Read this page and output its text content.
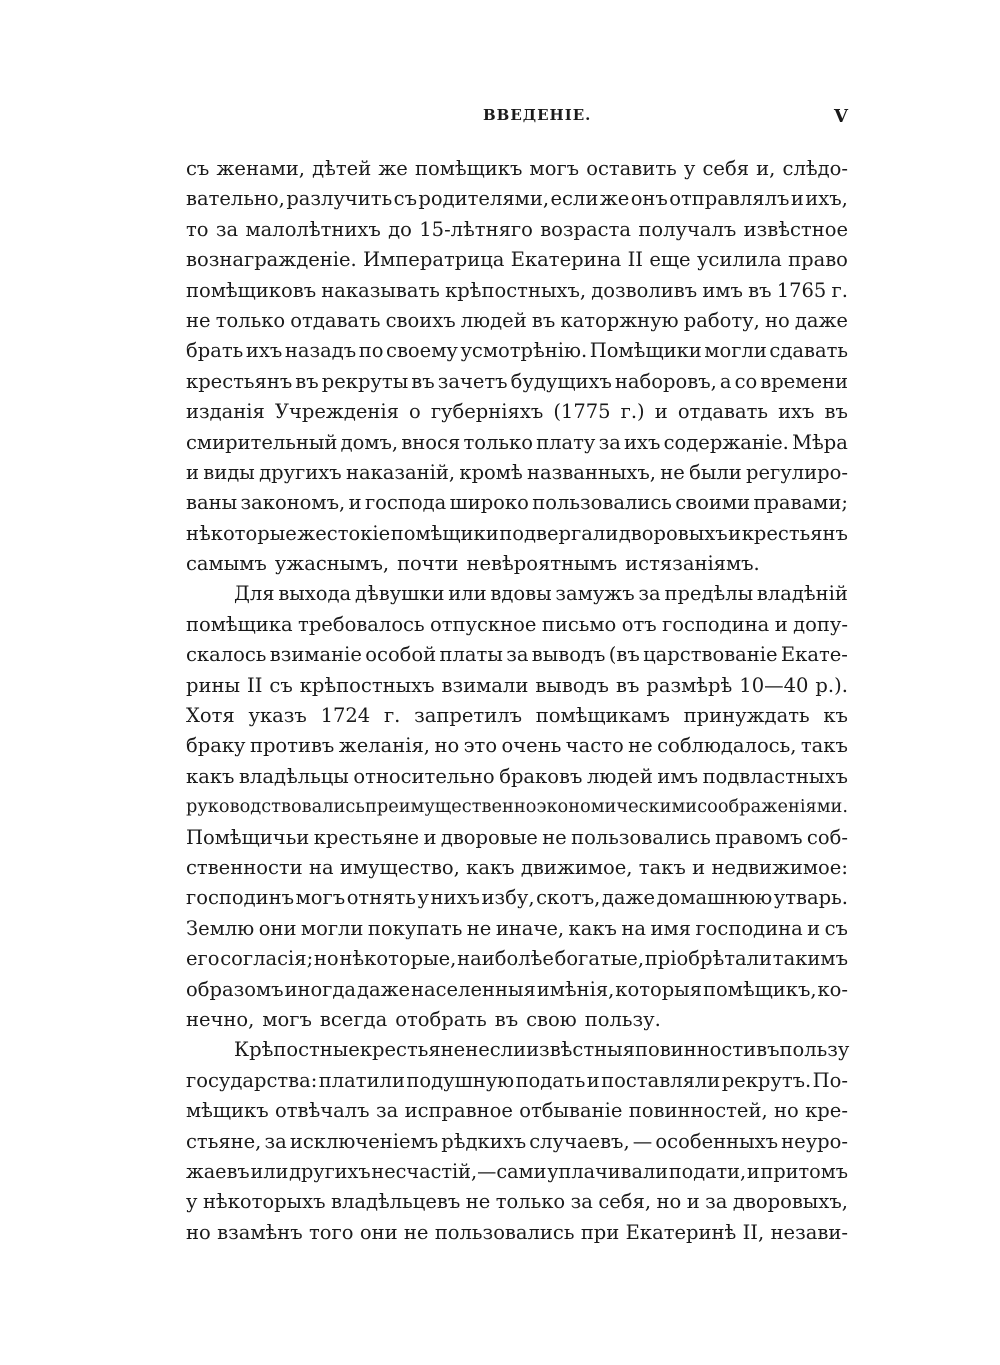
ВВЕДЕНІЕ.	V
съ женами, дѣтей же помѣщикъ могъ оставить у себя и, слѣдо-
вательно, разлучить съ родителями, если же онъ отправлялъ и ихъ,
то за малолѣтнихъ до 15-лѣтняго возраста получалъ извѣстное
вознагражденіе. Императрица Екатерина II еще усилила право
помѣщиковъ наказывать крѣпостныхъ, дозволивъ имъ въ 1765 г.
не только отдавать своихъ людей въ каторжную работу, но даже
брать ихъ назадъ по своему усмотрѣнію. Помѣщики могли сдавать
крестьянъ въ рекруты въ зачетъ будущихъ наборовъ, а со времени
изданія Учрежденія о губерніяхъ (1775 г.) и отдавать ихъ въ
смирительный домъ, внося только плату за ихъ содержаніе. Мѣра
и виды другихъ наказаній, кромѣ названныхъ, не были регулиро-
ваны закономъ, и господа широко пользовались своими правами;
нѣкоторые жестокіе помѣщики подвергали дворовыхъ и крестьянъ
самымъ ужаснымъ, почти невѣроятнымъ истязаніямъ.
Для выхода дѣвушки или вдовы замужъ за предѣлы владѣній
помѣщика требовалось отпускное письмо отъ господина и допу-
скалось взиманіе особой платы за выводъ (въ царствованіе Екате-
рины II съ крѣпостныхъ взимали выводъ въ размѣрѣ 10—40 р.).
Хотя указъ 1724 г. запретилъ помѣщикамъ принуждать къ
браку противъ желанія, но это очень часто не соблюдалось, такъ
какъ владѣльцы относительно браковъ людей имъ подвластныхъ
руководствовались преимущественно экономическими соображеніями.
Помѣщичьи крестьяне и дворовые не пользовались правомъ соб-
ственности на имущество, какъ движимое, такъ и недвижимое:
господинъ могъ отнять у нихъ избу, скотъ, даже домашнюю утварь.
Землю они могли покупать не иначе, какъ на имя господина и съ
его согласія; но нѣкоторые, наиболѣе богатые, пріобрѣтали такимъ
образомъ иногда даже населенныя имѣнія, которыя помѣщикъ, ко-
нечно, могъ всегда отобрать въ свою пользу.
Крѣпостные крестьяне несли извѣстныя повинности въ пользу
государства: платили подушную подать и поставляли рекрутъ. По-
мѣщикъ отвѣчалъ за исправное отбываніе повинностей, но кре-
стьяне, за исключеніемъ рѣдкихъ случаевъ, — особенныхъ неуро-
жаевъ или другихъ несчастій,—сами уплачивали подати, и притомъ
у нѣкоторыхъ владѣльцевъ не только за себя, но и за дворовыхъ,
но взамѣнъ того они не пользовались при Екатеринѣ II, незави-
